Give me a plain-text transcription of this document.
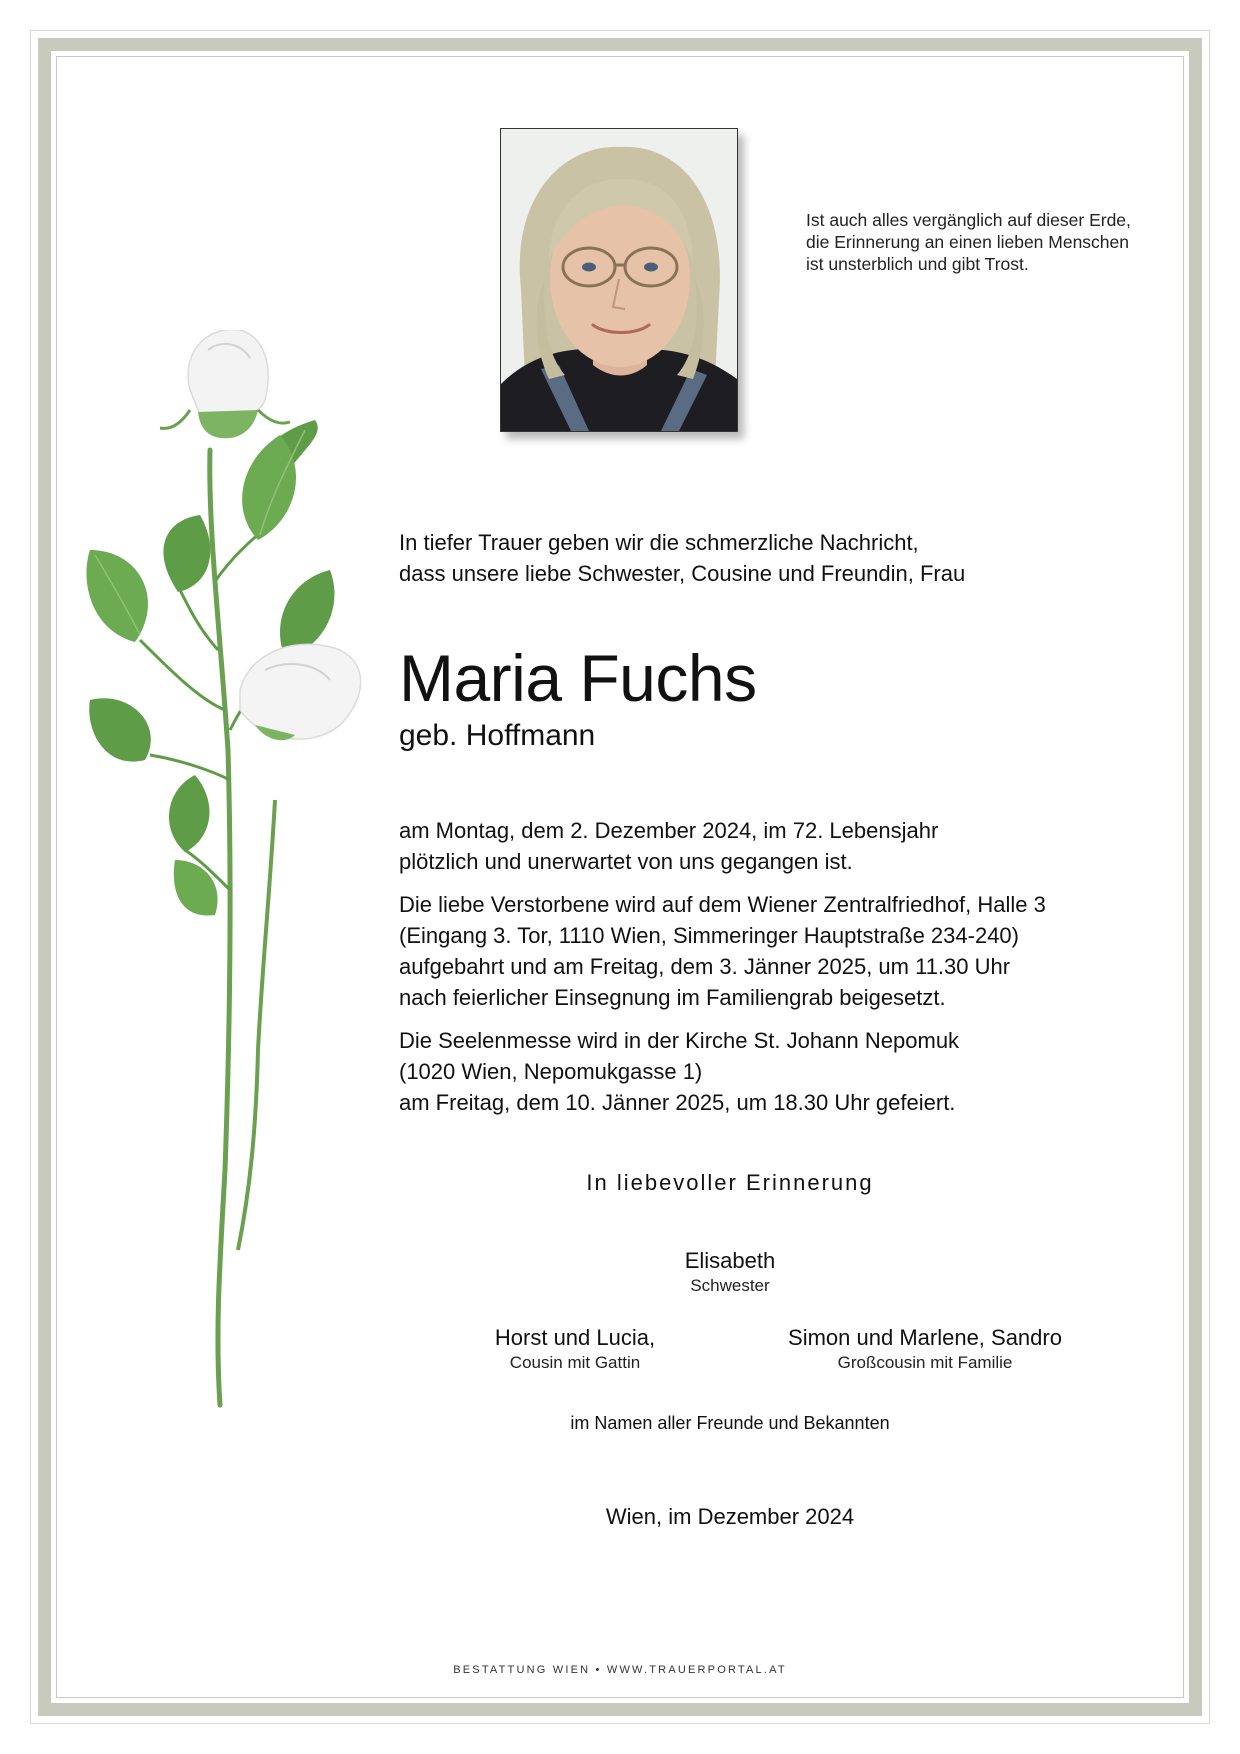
Ist auch alles vergänglich auf dieser Erde,
die Erinnerung an einen lieben Menschen
ist unsterblich und gibt Trost.
In tiefer Trauer geben wir die schmerzliche Nachricht,
dass unsere liebe Schwester, Cousine und Freundin, Frau
Maria Fuchs
geb. Hoffmann
am Montag, dem 2. Dezember 2024, im 72. Lebensjahr
plötzlich und unerwartet von uns gegangen ist.
Die liebe Verstorbene wird auf dem Wiener Zentralfriedhof, Halle 3
(Eingang 3. Tor, 1110 Wien, Simmeringer Hauptstraße 234-240)
aufgebahrt und am Freitag, dem 3. Jänner 2025, um 11.30 Uhr
nach feierlicher Einsegnung im Familiengrab beigesetzt.
Die Seelenmesse wird in der Kirche St. Johann Nepomuk
(1020 Wien, Nepomukgasse 1)
am Freitag, dem 10. Jänner 2025, um 18.30 Uhr gefeiert.
In liebevoller Erinnerung
Elisabeth
Schwester
Horst und Lucia,
Cousin mit Gattin
Simon und Marlene, Sandro
Großcousin mit Familie
im Namen aller Freunde und Bekannten
Wien, im Dezember 2024
BESTATTUNG WIEN • WWW.TRAUERPORTAL.AT
